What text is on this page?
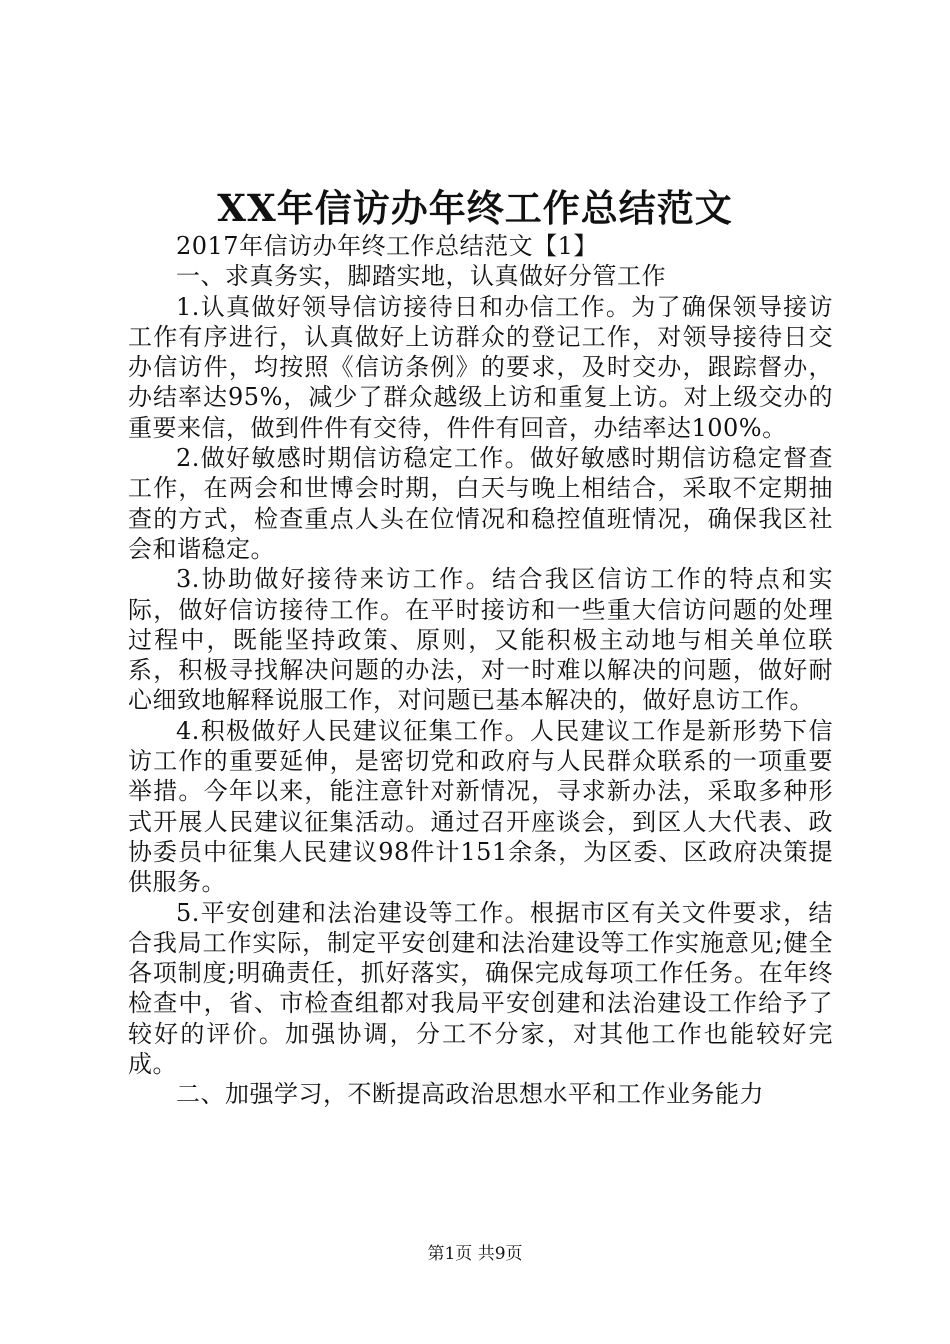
XX年信访办年终工作总结范文

2017年信访办年终工作总结范文【1】

一、求真务实，脚踏实地，认真做好分管工作

1.认真做好领导信访接待日和办信工作。为了确保领导接访工作有序进行，认真做好上访群众的登记工作，对领导接待日交办信访件，均按照《信访条例》的要求，及时交办，跟踪督办，办结率达95%，减少了群众越级上访和重复上访。对上级交办的重要来信，做到件件有交待，件件有回音，办结率达100%。

2.做好敏感时期信访稳定工作。做好敏感时期信访稳定督查工作，在两会和世博会时期，白天与晚上相结合，采取不定期抽查的方式，检查重点人头在位情况和稳控值班情况，确保我区社会和谐稳定。

3.协助做好接待来访工作。结合我区信访工作的特点和实际，做好信访接待工作。在平时接访和一些重大信访问题的处理过程中，既能坚持政策、原则，又能积极主动地与相关单位联系，积极寻找解决问题的办法，对一时难以解决的问题，做好耐心细致地解释说服工作，对问题已基本解决的，做好息访工作。

4.积极做好人民建议征集工作。人民建议工作是新形势下信访工作的重要延伸，是密切党和政府与人民群众联系的一项重要举措。今年以来，能注意针对新情况，寻求新办法，采取多种形式开展人民建议征集活动。通过召开座谈会，到区人大代表、政协委员中征集人民建议98件计151余条，为区委、区政府决策提供服务。

5.平安创建和法治建设等工作。根据市区有关文件要求，结合我局工作实际，制定平安创建和法治建设等工作实施意见;健全各项制度;明确责任，抓好落实，确保完成每项工作任务。在年终检查中，省、市检查组都对我局平安创建和法治建设工作给予了较好的评价。加强协调，分工不分家，对其他工作也能较好完成。

二、加强学习，不断提高政治思想水平和工作业务能力

第1页 共9页
